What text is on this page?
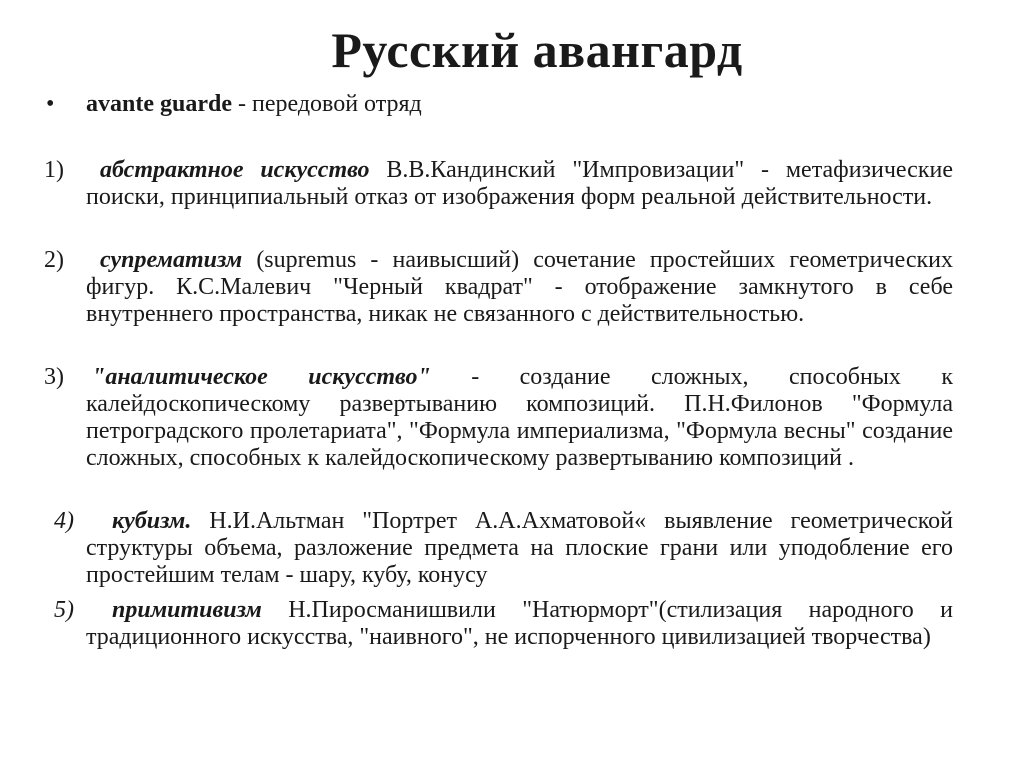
Русский авангард
• avante guarde - передовой отряд
1)	абстрактное искусство В.В.Кандинский "Импровизации" - метафизические поиски, принципиальный отказ от изображения форм реальной действительности.
2)	супрематизм (supremus - наивысший) сочетание простейших геометрических фигур. К.С.Малевич "Черный квадрат" - отображение замкнутого в себе внутреннего пространства, никак не связанного с действительностью.
3) "аналитическое искусство" - создание сложных, способных к калейдоскопическому развертыванию композиций. П.Н.Филонов "Формула петроградского пролетариата", "Формула империализма, "Формула весны" создание сложных, способных к калейдоскопическому развертыванию композиций .
4)	кубизм. Н.И.Альтман "Портрет А.А.Ахматовой« выявление геометрической структуры объема, разложение предмета на плоские грани или уподобление его простейшим телам - шару, кубу, конусу
5)	примитивизм Н.Пиросманишвили "Натюрморт"(стилизация народного и традиционного искусства, "наивного", не испорченного цивилизацией творчества)
